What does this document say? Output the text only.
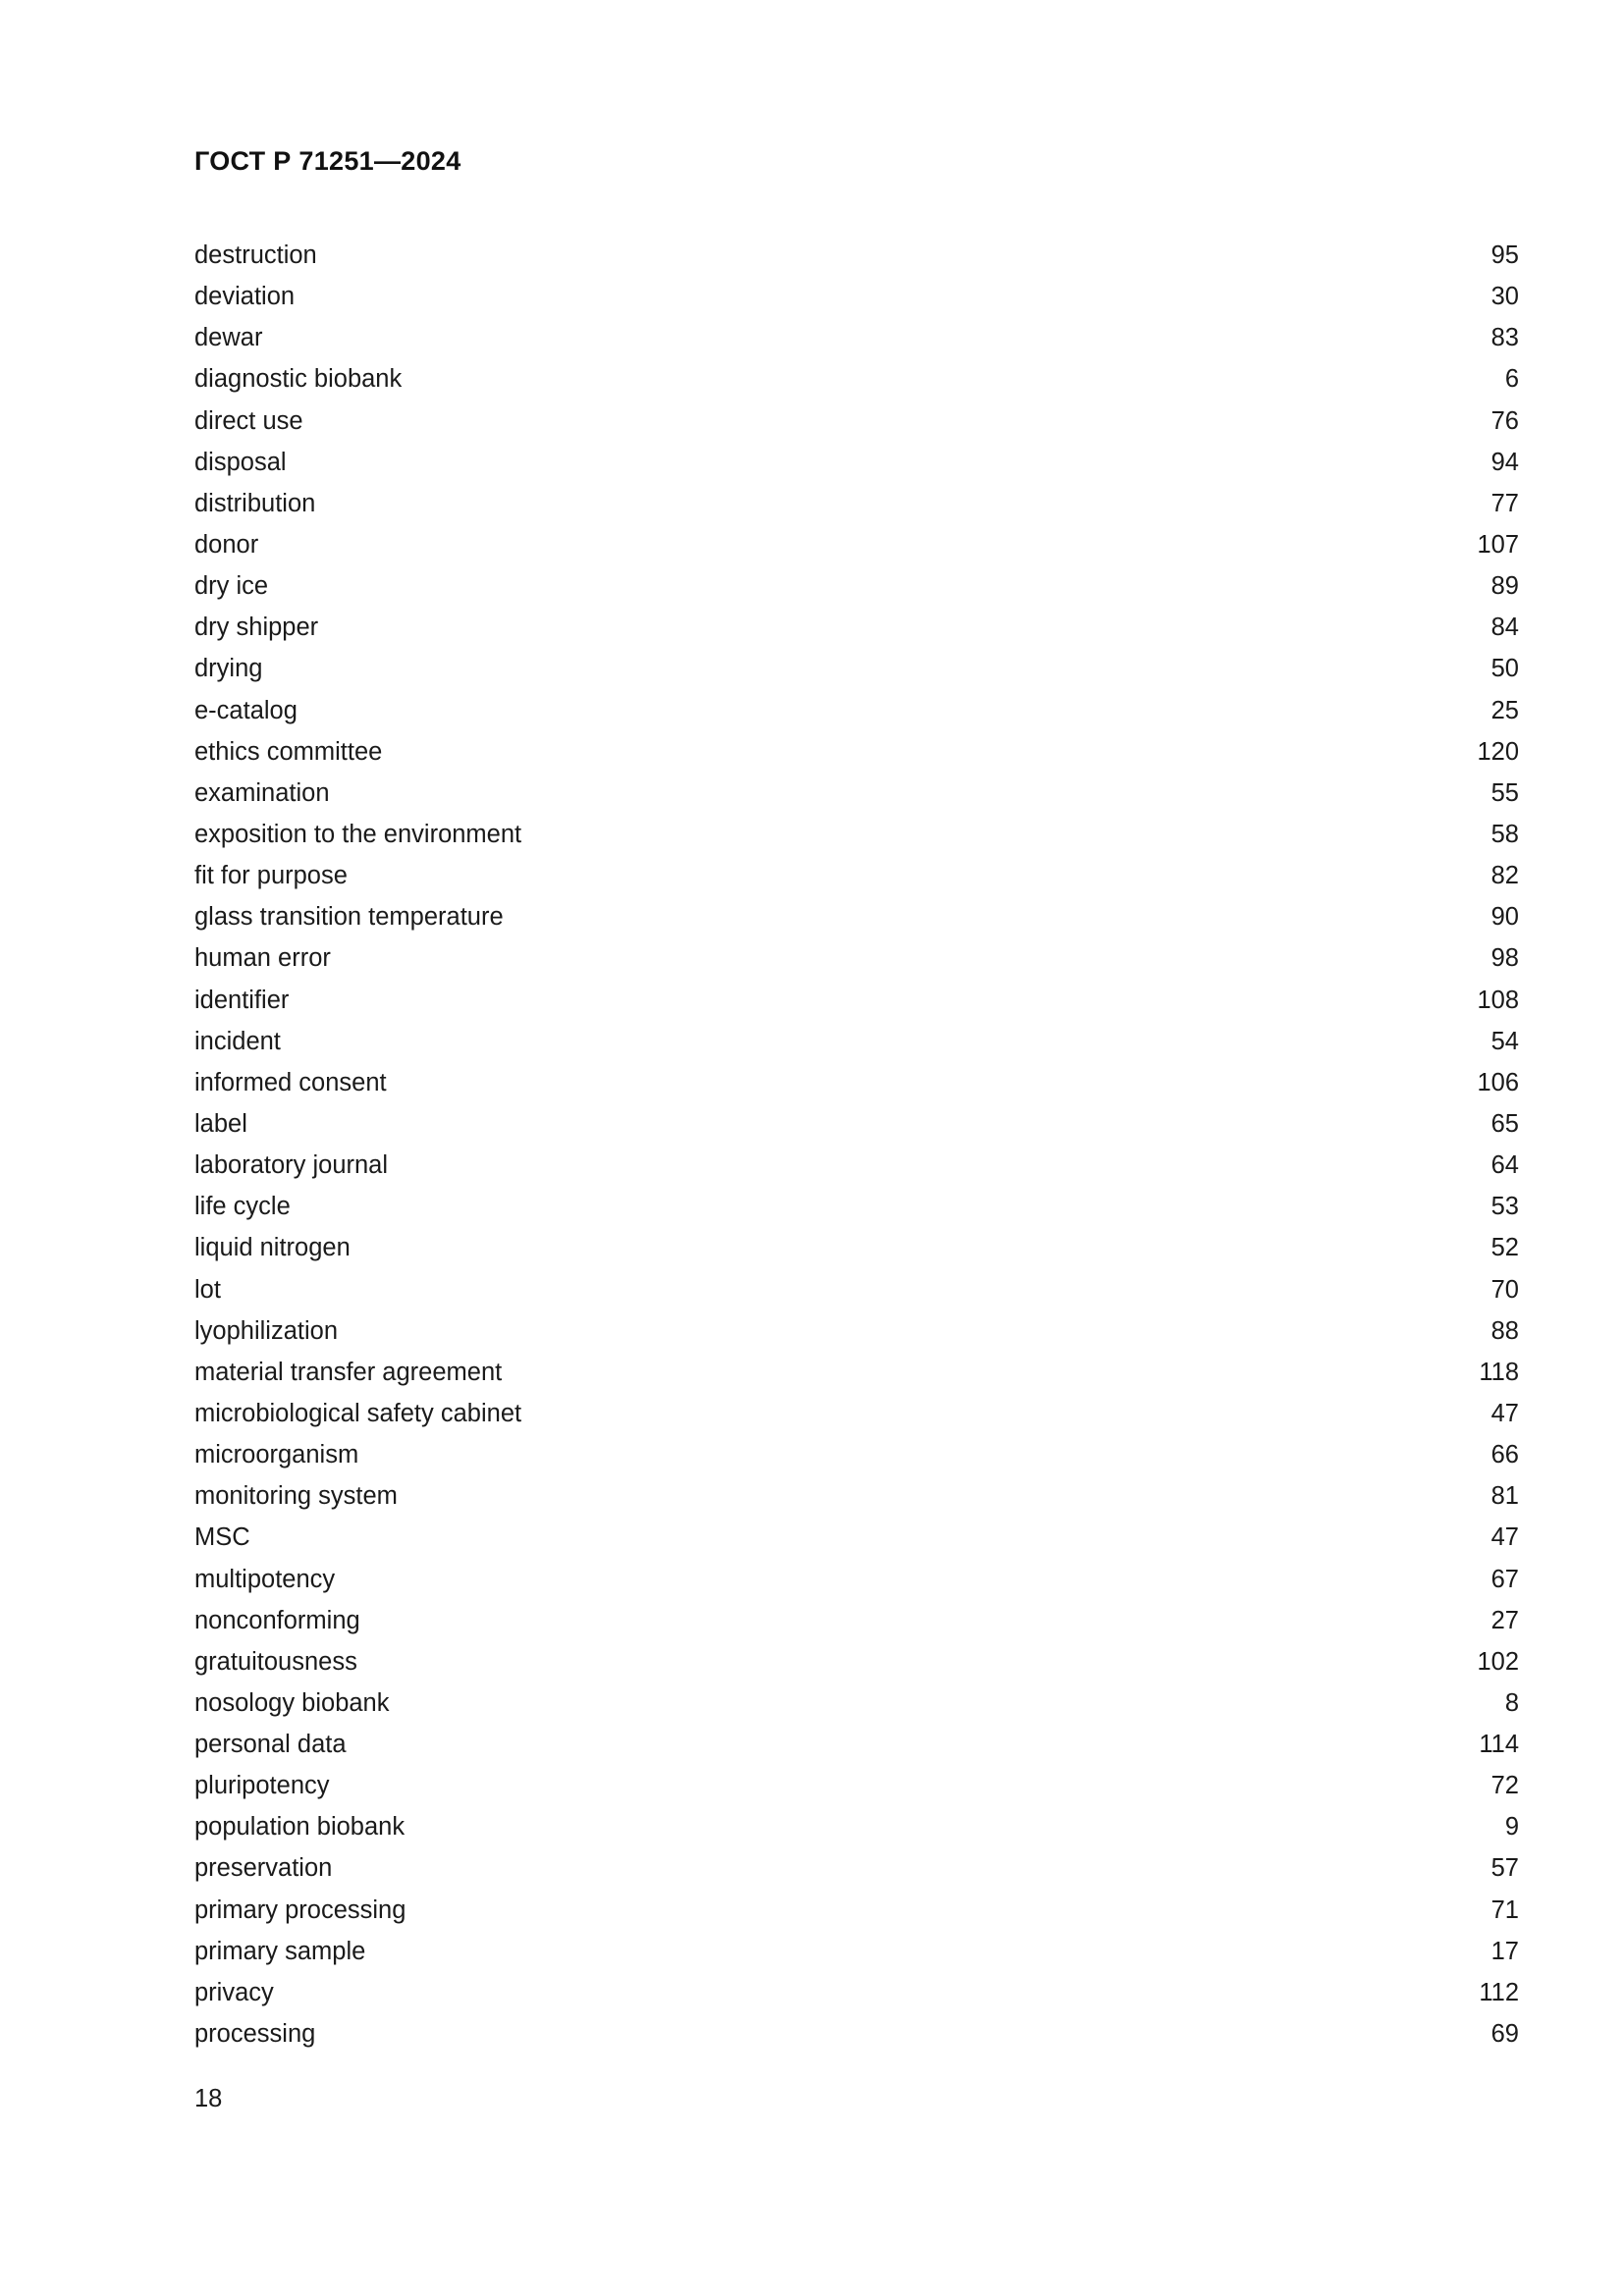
ГОСТ Р 71251—2024
destruction	95
deviation	30
dewar	83
diagnostic biobank	6
direct use	76
disposal	94
distribution	77
donor	107
dry ice	89
dry shipper	84
drying	50
e-catalog	25
ethics committee	120
examination	55
exposition to the environment	58
fit for purpose	82
glass transition temperature	90
human error	98
identifier	108
incident	54
informed consent	106
label	65
laboratory journal	64
life cycle	53
liquid nitrogen	52
lot	70
lyophilization	88
material transfer agreement	118
microbiological safety cabinet	47
microorganism	66
monitoring system	81
MSC	47
multipotency	67
nonconforming	27
gratuitousness	102
nosology biobank	8
personal data	114
pluripotency	72
population biobank	9
preservation	57
primary processing	71
primary sample	17
privacy	112
processing	69
18
